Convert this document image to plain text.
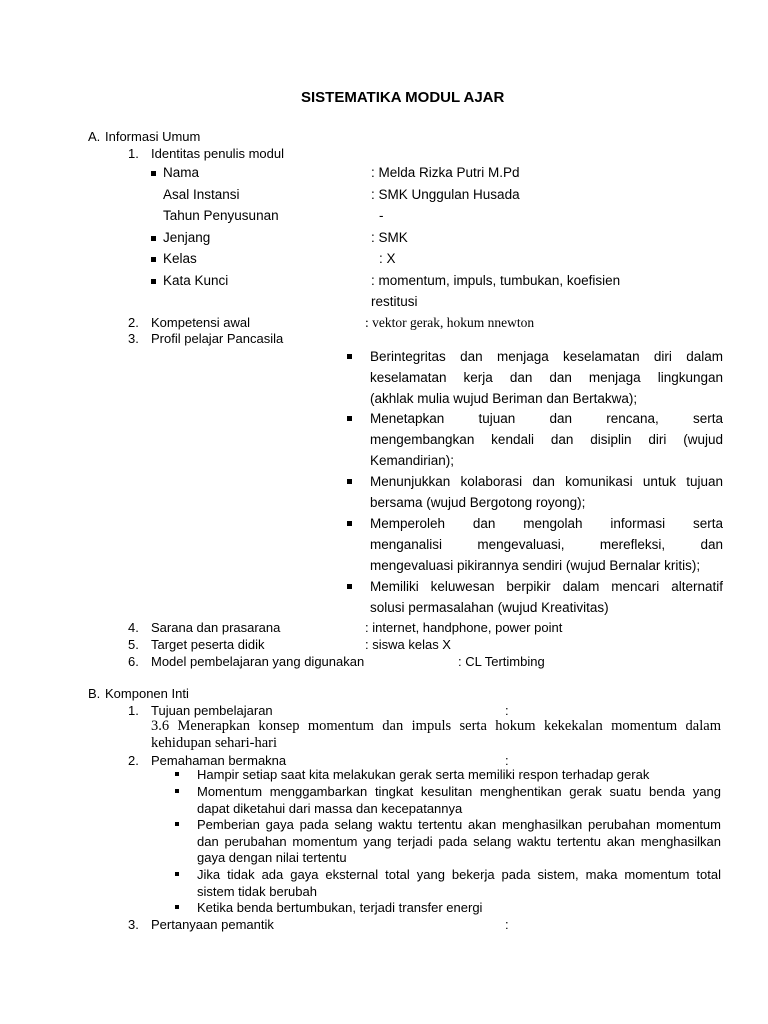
SISTEMATIKA MODUL AJAR
A. Informasi Umum
1. Identitas penulis modul
Nama	: Melda Rizka Putri M.Pd
Asal Instansi	: SMK Unggulan Husada
Tahun Penyusunan	-
Jenjang	: SMK
Kelas	: X
Kata Kunci	: momentum, impuls, tumbukan, koefisien
restitusi
2. Kompetensi awal	: vektor gerak, hokum nnewton
3. Profil pelajar Pancasila
Berintegritas dan menjaga keselamatan diri dalam
keselamatan kerja dan dan menjaga lingkungan
(akhlak mulia wujud Beriman dan Bertakwa);
Menetapkan tujuan dan rencana, serta
mengembangkan kendali dan disiplin diri (wujud
Kemandirian);
Menunjukkan kolaborasi dan komunikasi untuk tujuan
bersama (wujud Bergotong royong);
Memperoleh dan mengolah informasi serta
menganalisi mengevaluasi, merefleksi, dan
mengevaluasi pikirannya sendiri (wujud Bernalar kritis);
Memiliki keluwesan berpikir dalam mencari alternatif
solusi permasalahan (wujud Kreativitas)
4. Sarana dan prasarana	: internet, handphone, power point
5. Target peserta didik	: siswa kelas X
6. Model pembelajaran yang digunakan	: CL Tertimbing
B. Komponen Inti
1. Tujuan pembelajaran	:
3.6 Menerapkan konsep momentum dan impuls serta hokum kekekalan momentum dalam
kehidupan sehari-hari
2. Pemahaman bermakna	:
Hampir setiap saat kita melakukan gerak serta memiliki respon terhadap gerak
Momentum menggambarkan tingkat kesulitan menghentikan gerak suatu benda yang
dapat diketahui dari massa dan kecepatannya
Pemberian gaya pada selang waktu tertentu akan menghasilkan perubahan momentum
dan perubahan momentum yang terjadi pada selang waktu tertentu akan menghasilkan
gaya dengan nilai tertentu
Jika tidak ada gaya eksternal total yang bekerja pada sistem, maka momentum total
sistem tidak berubah
Ketika benda bertumbukan, terjadi transfer energi
3. Pertanyaan pemantik	:
